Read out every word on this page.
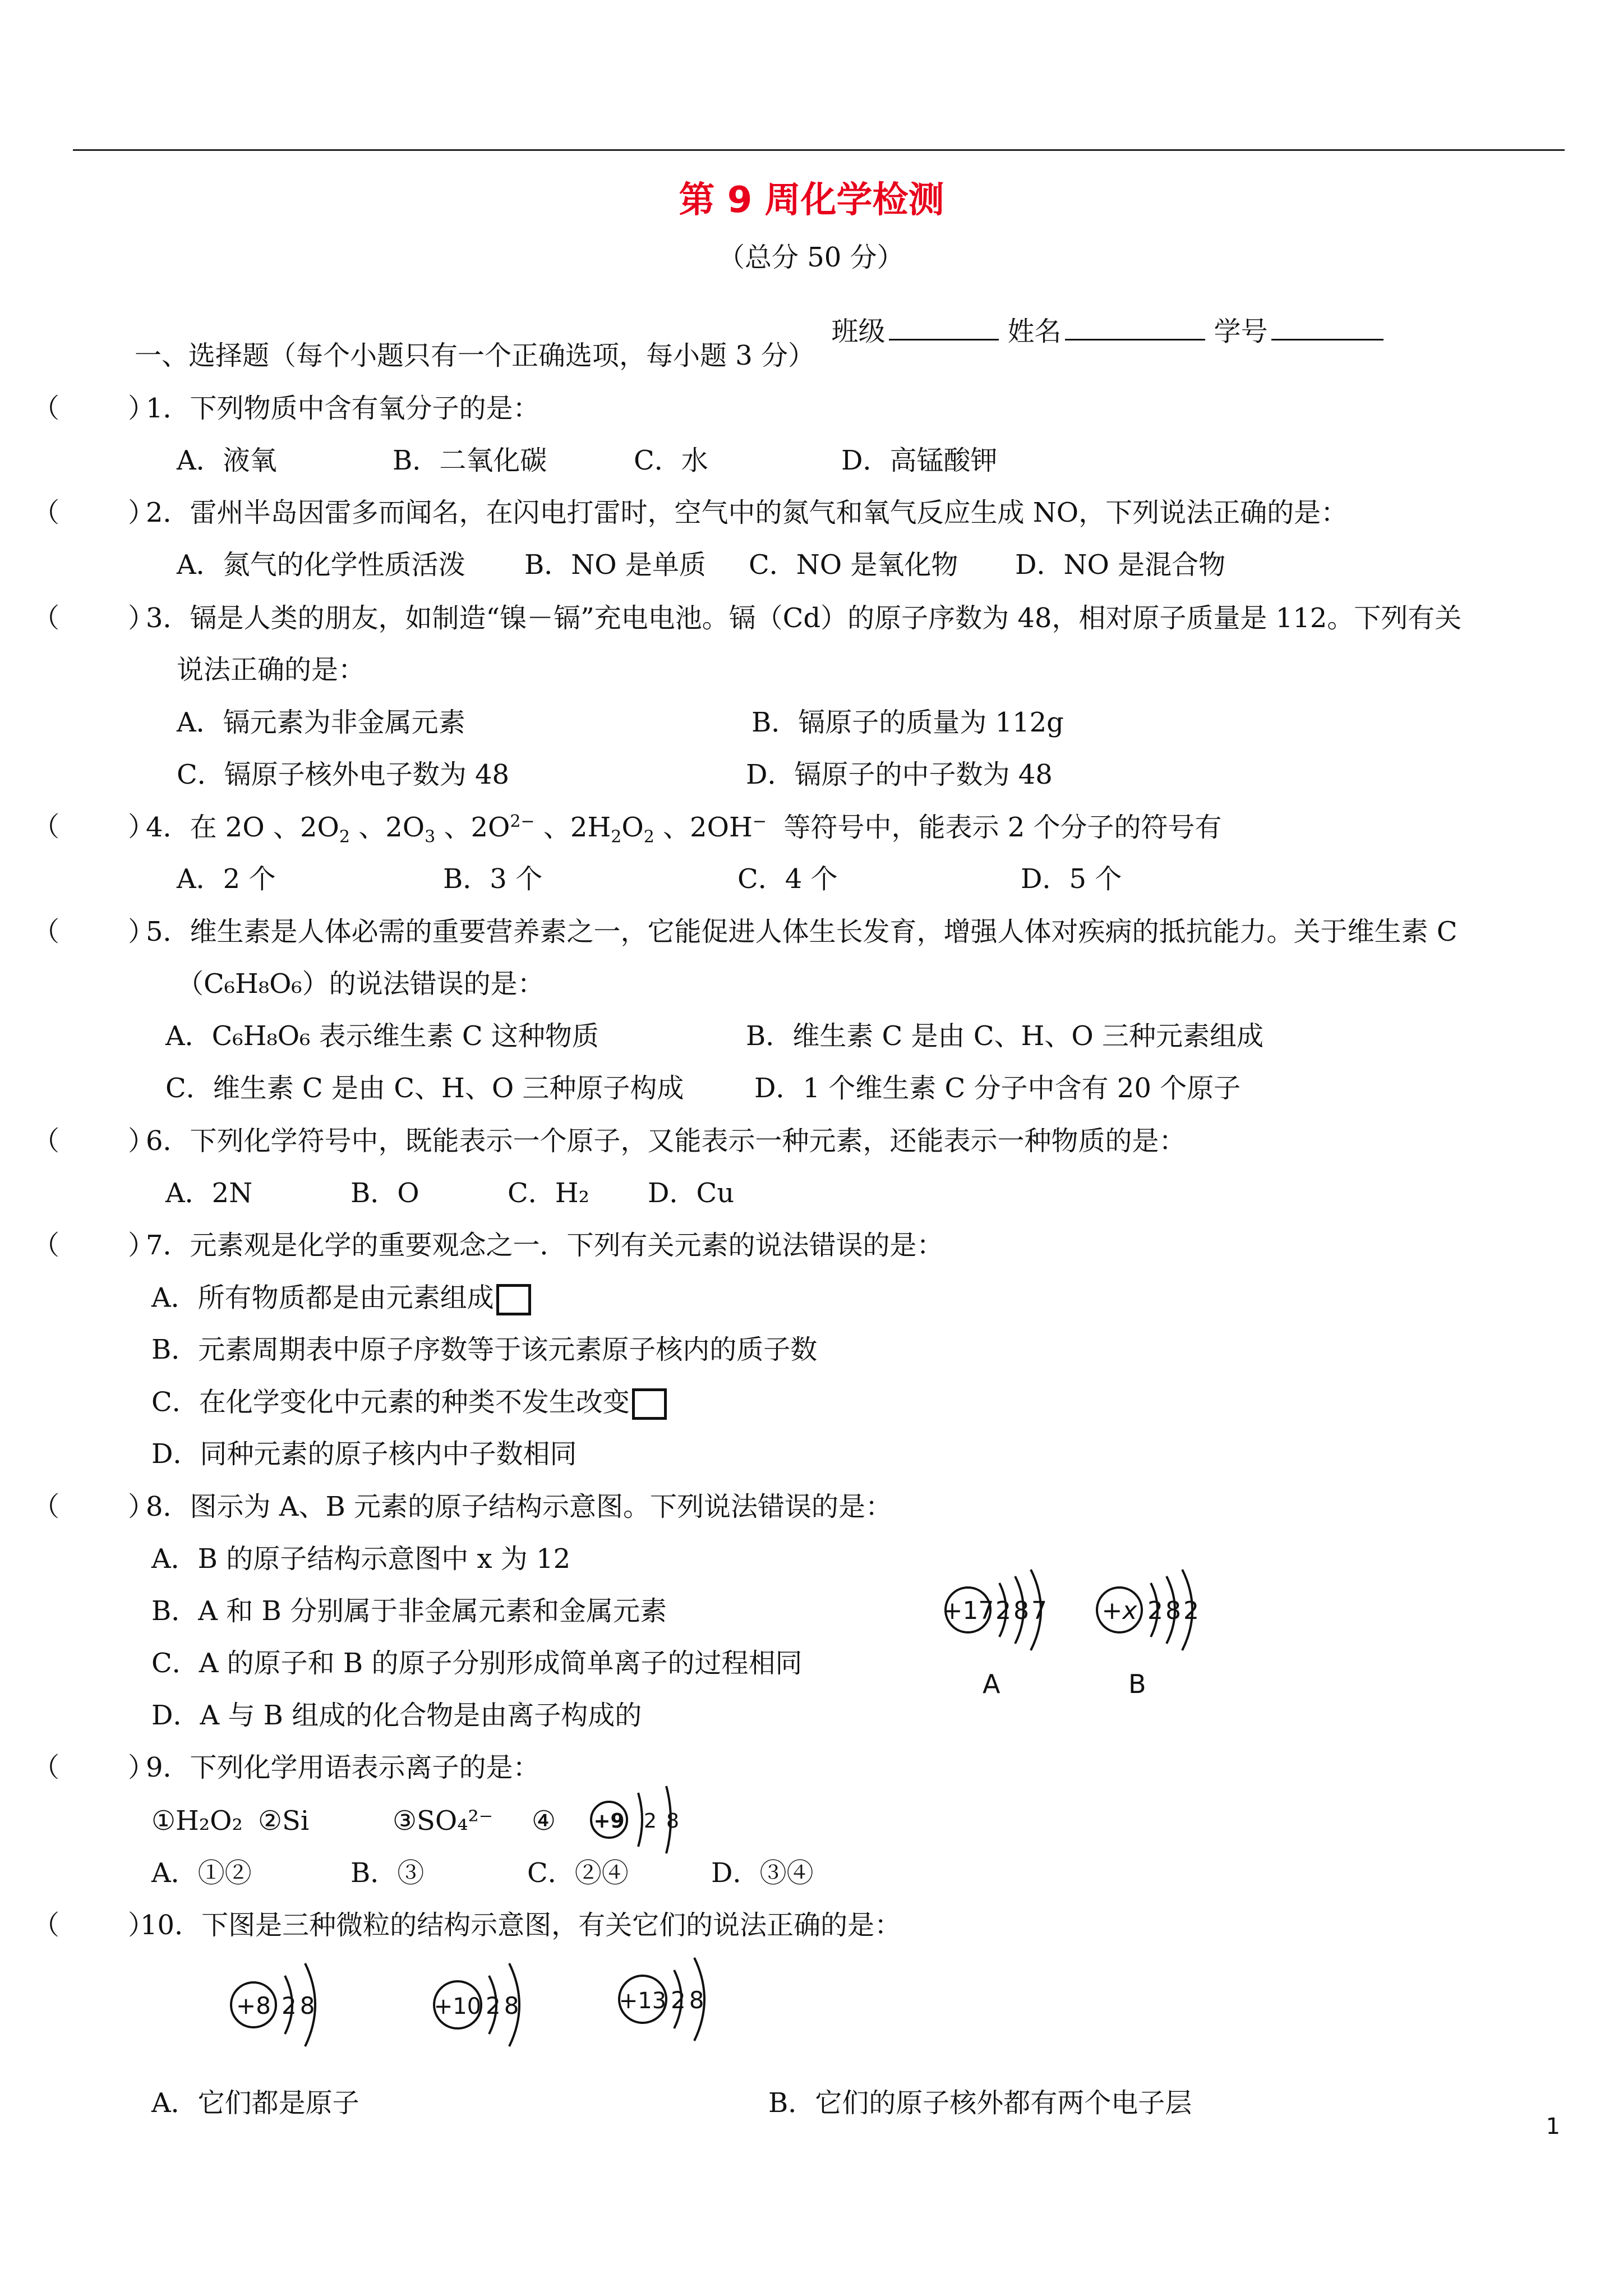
第 9 周化学检测
（总分 50 分）

班级	姓名	学号

一、选择题（每个小题只有一个正确选项，每小题 3 分）
（        ）
1．下列物质中含有氧分子的是：
A．液氧	B．二氧化碳	C．水	D．高锰酸钾
（        ）
2．雷州半岛因雷多而闻名，在闪电打雷时，空气中的氮气和氧气反应生成 NO，下列说法正确的是：
A．氮气的化学性质活泼 B．NO 是单质 C．NO 是氧化物 D．NO 是混合物
（        ）
3．镉是人类的朋友，如制造“镍－镉”充电电池。镉（Cd）的原子序数为 48，相对原子质量是 112。下列有关
说法正确的是：
A．镉元素为非金属元素	B．镉原子的质量为 112g
C．镉原子核外电子数为 48	D．镉原子的中子数为 48
（        ）
4．在 2O 、$2O_2$ 、$2O_3$ 、$2O^{2-}$ 、$2H_2O_2$ 、2OH−  等符号中，能表示 2 个分子的符号有
A．2 个	B．3 个	C．4 个	D．5 个
（        ）
5．维生素是人体必需的重要营养素之一，它能促进人体生长发育，增强人体对疾病的抵抗能力。关于维生素 C
（C₆H₈O₆）的说法错误的是：
A．C₆H₈O₆ 表示维生素 C 这种物质	B．维生素 C 是由 C、H、O 三种元素组成
C．维生素 C 是由 C、H、O 三种原子构成	D．1 个维生素 C 分子中含有 20 个原子
（        ）
6．下列化学符号中，既能表示一个原子，又能表示一种元素，还能表示一种物质的是：
A．2N	B．O	C．H₂ D．Cu
（        ）
7．元素观是化学的重要观念之一．下列有关元素的说法错误的是：
A．所有物质都是由元素组成
B．元素周期表中原子序数等于该元素原子核内的质子数
C．在化学变化中元素的种类不发生改变
D．同种元素的原子核内中子数相同
（        ）
8．图示为 A、B 元素的原子结构示意图。下列说法错误的是：
A．B 的原子结构示意图中 x 为 12
B．A 和 B 分别属于非金属元素和金属元素
C．A 的原子和 B 的原子分别形成简单离子的过程相同
D．A 与 B 组成的化合物是由离子构成的
+17 287
A
+x 282
B
（        ）
9．下列化学用语表示离子的是：
①H₂O₂ ②Si	③SO₄²⁻ ④ +9 2 8
A．①②	B．③	C．②④	D．③④
（        ）
10．下图是三种微粒的结构示意图，有关它们的说法正确的是：
+8 28	+10 28	+13 28
A．它们都是原子	B．它们的原子核外都有两个电子层
1
